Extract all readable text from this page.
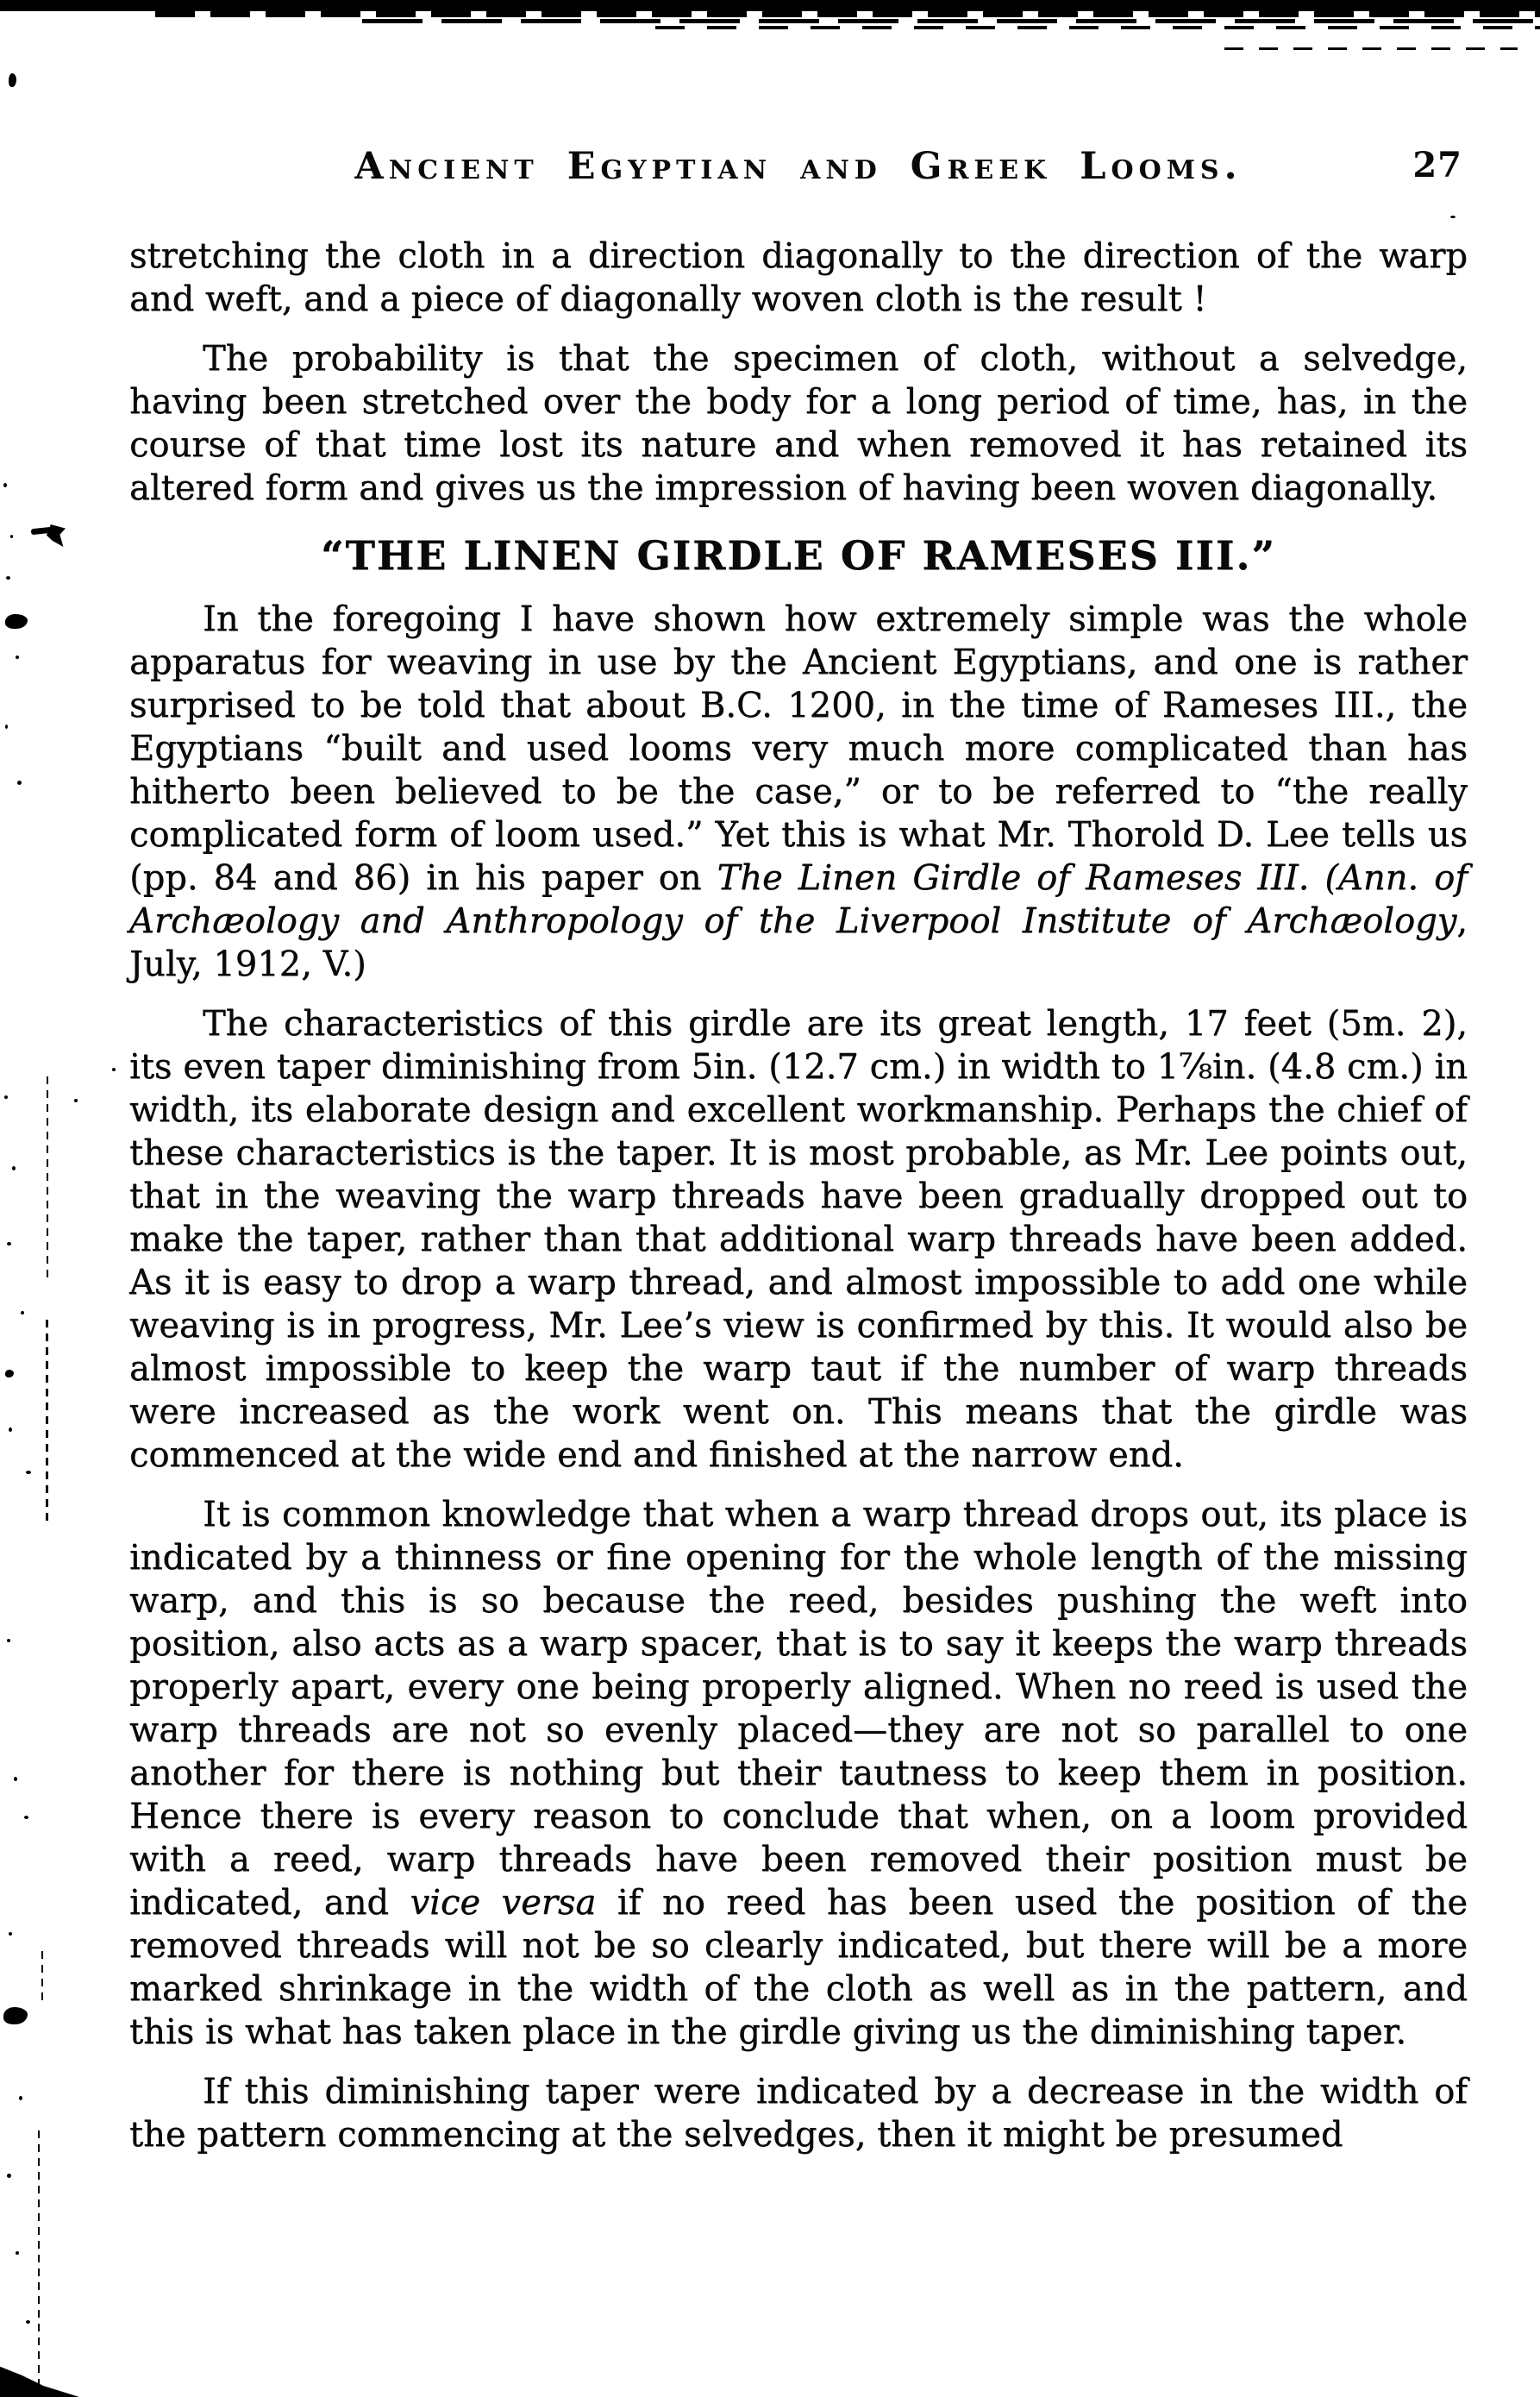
Ancient Egyptian and Greek Looms.	27

stretching the cloth in a direction diagonally to the direction of the warp and weft, and a piece of diagonally woven cloth is the result !

The probability is that the specimen of cloth, without a selvedge, having been stretched over the body for a long period of time, has, in the course of that time lost its nature and when removed it has retained its altered form and gives us the impression of having been woven diagonally.

“THE LINEN GIRDLE OF RAMESES III.”

In the foregoing I have shown how extremely simple was the whole apparatus for weaving in use by the Ancient Egyptians, and one is rather surprised to be told that about B.C. 1200, in the time of Rameses III., the Egyptians “built and used looms very much more complicated than has hitherto been believed to be the case,” or to be referred to “the really complicated form of loom used.” Yet this is what Mr. Thorold D. Lee tells us (pp. 84 and 86) in his paper on The Linen Girdle of Rameses III. (Ann. of Archæology and Anthropology of the Liverpool Institute of Archæology, July, 1912, V.)

The characteristics of this girdle are its great length, 17 feet (5m. 2), its even taper diminishing from 5in. (12.7 cm.) in width to 1⅞in. (4.8 cm.) in width, its elaborate design and excellent workmanship. Perhaps the chief of these characteristics is the taper. It is most probable, as Mr. Lee points out, that in the weaving the warp threads have been gradually dropped out to make the taper, rather than that additional warp threads have been added. As it is easy to drop a warp thread, and almost impossible to add one while weaving is in progress, Mr. Lee’s view is confirmed by this. It would also be almost impossible to keep the warp taut if the number of warp threads were increased as the work went on. This means that the girdle was commenced at the wide end and finished at the narrow end.

It is common knowledge that when a warp thread drops out, its place is indicated by a thinness or fine opening for the whole length of the missing warp, and this is so because the reed, besides pushing the weft into position, also acts as a warp spacer, that is to say it keeps the warp threads properly apart, every one being properly aligned. When no reed is used the warp threads are not so evenly placed—they are not so parallel to one another for there is nothing but their tautness to keep them in position. Hence there is every reason to conclude that when, on a loom provided with a reed, warp threads have been removed their position must be indicated, and vice versa if no reed has been used the position of the removed threads will not be so clearly indicated, but there will be a more marked shrinkage in the width of the cloth as well as in the pattern, and this is what has taken place in the girdle giving us the diminishing taper.

If this diminishing taper were indicated by a decrease in the width of the pattern commencing at the selvedges, then it might be presumed
